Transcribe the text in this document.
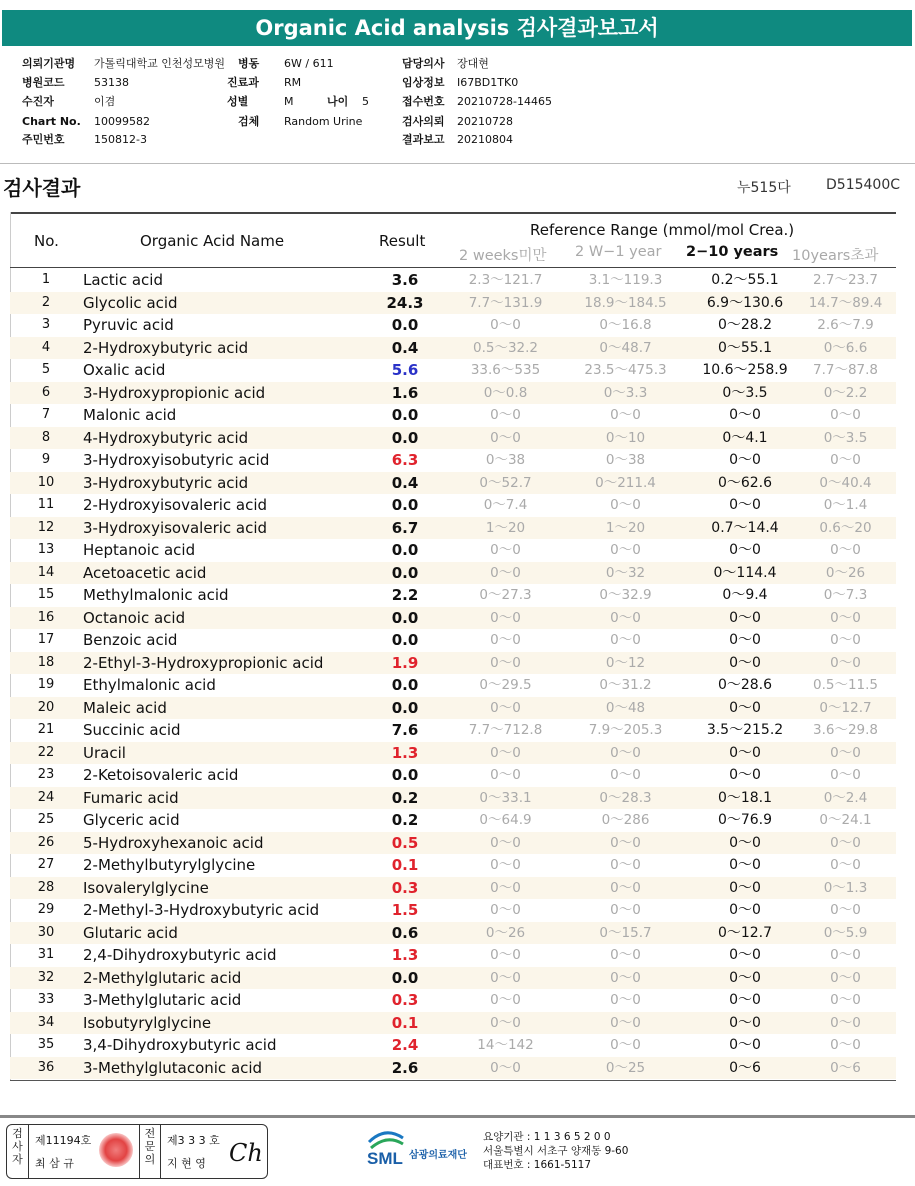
Organic Acid analysis 검사결과보고서
의뢰기관명 가톨릭대학교 인천성모병원 병동 6W / 611	담당의사 장대현
병원코드	53138	진료과 RM	임상정보 I67BD1TK0
수진자	이겸	성별	M	나이 5	접수번호 20210728-14465
Chart No. 10099582	검체 Random Urine	검사의뢰 20210728
주민번호	150812-3	결과보고 20210804
검사결과	누515다	D515400C
No.	Organic Acid Name	Result
Reference Range (mmol/mol Crea.)
2 weeks미만 2 W−1 year 2−10 years 10years초과
1	Lactic acid	3.6	2.3～121.7	3.1～119.3	0.2～55.1	2.7～23.7
2	Glycolic acid	24.3	7.7～131.9	18.9～184.5	6.9～130.6	14.7～89.4
3	Pyruvic acid	0.0	0～0	0～16.8	0～28.2	2.6～7.9
4	2-Hydroxybutyric acid	0.4	0.5～32.2	0～48.7	0～55.1	0～6.6
5	Oxalic acid	5.6	33.6～535	23.5～475.3	10.6～258.9	7.7～87.8
6	3-Hydroxypropionic acid	1.6	0～0.8	0～3.3	0～3.5	0～2.2
7	Malonic acid	0.0	0～0	0～0	0～0	0～0
8	4-Hydroxybutyric acid	0.0	0～0	0～10	0～4.1	0～3.5
9	3-Hydroxyisobutyric acid	6.3	0～38	0～38	0～0	0～0
10	3-Hydroxybutyric acid	0.4	0～52.7	0～211.4	0～62.6	0～40.4
11	2-Hydroxyisovaleric acid	0.0	0～7.4	0～0	0～0	0～1.4
12	3-Hydroxyisovaleric acid	6.7	1～20	1～20	0.7～14.4	0.6～20
13	Heptanoic acid	0.0	0～0	0～0	0～0	0～0
14	Acetoacetic acid	0.0	0～0	0～32	0～114.4	0～26
15	Methylmalonic acid	2.2	0～27.3	0～32.9	0～9.4	0～7.3
16	Octanoic acid	0.0	0～0	0～0	0～0	0～0
17	Benzoic acid	0.0	0～0	0～0	0～0	0～0
18	2-Ethyl-3-Hydroxypropionic acid	1.9	0～0	0～12	0～0	0～0
19	Ethylmalonic acid	0.0	0～29.5	0～31.2	0～28.6	0.5～11.5
20	Maleic acid	0.0	0～0	0～48	0～0	0～12.7
21	Succinic acid	7.6	7.7～712.8	7.9～205.3	3.5～215.2	3.6～29.8
22	Uracil	1.3	0～0	0～0	0～0	0～0
23	2-Ketoisovaleric acid	0.0	0～0	0～0	0～0	0～0
24	Fumaric acid	0.2	0～33.1	0～28.3	0～18.1	0～2.4
25	Glyceric acid	0.2	0～64.9	0～286	0～76.9	0～24.1
26	5-Hydroxyhexanoic acid	0.5	0～0	0～0	0～0	0～0
27	2-Methylbutyrylglycine	0.1	0～0	0～0	0～0	0～0
28	Isovalerylglycine	0.3	0～0	0～0	0～0	0～1.3
29	2-Methyl-3-Hydroxybutyric acid	1.5	0～0	0～0	0～0	0～0
30	Glutaric acid	0.6	0～26	0～15.7	0～12.7	0～5.9
31	2,4-Dihydroxybutyric acid	1.3	0～0	0～0	0～0	0～0
32	2-Methylglutaric acid	0.0	0～0	0～0	0～0	0～0
33	3-Methylglutaric acid	0.3	0～0	0～0	0～0	0～0
34	Isobutyrylglycine	0.1	0～0	0～0	0～0	0～0
35	3,4-Dihydroxybutyric acid	2.4	14～142	0～0	0～0	0～0
36	3-Methylglutaconic acid	2.6	0～0	0～25	0～6	0～6
검사자
제11194호
최 삼 규
전문의
제3 3 3 호
지 현 영 Ch	SML 삼광의료재단
요양기관 : 1 1 3 6 5 2 0 0
서울특별시 서초구 양재동 9-60
대표번호 : 1661-5117
